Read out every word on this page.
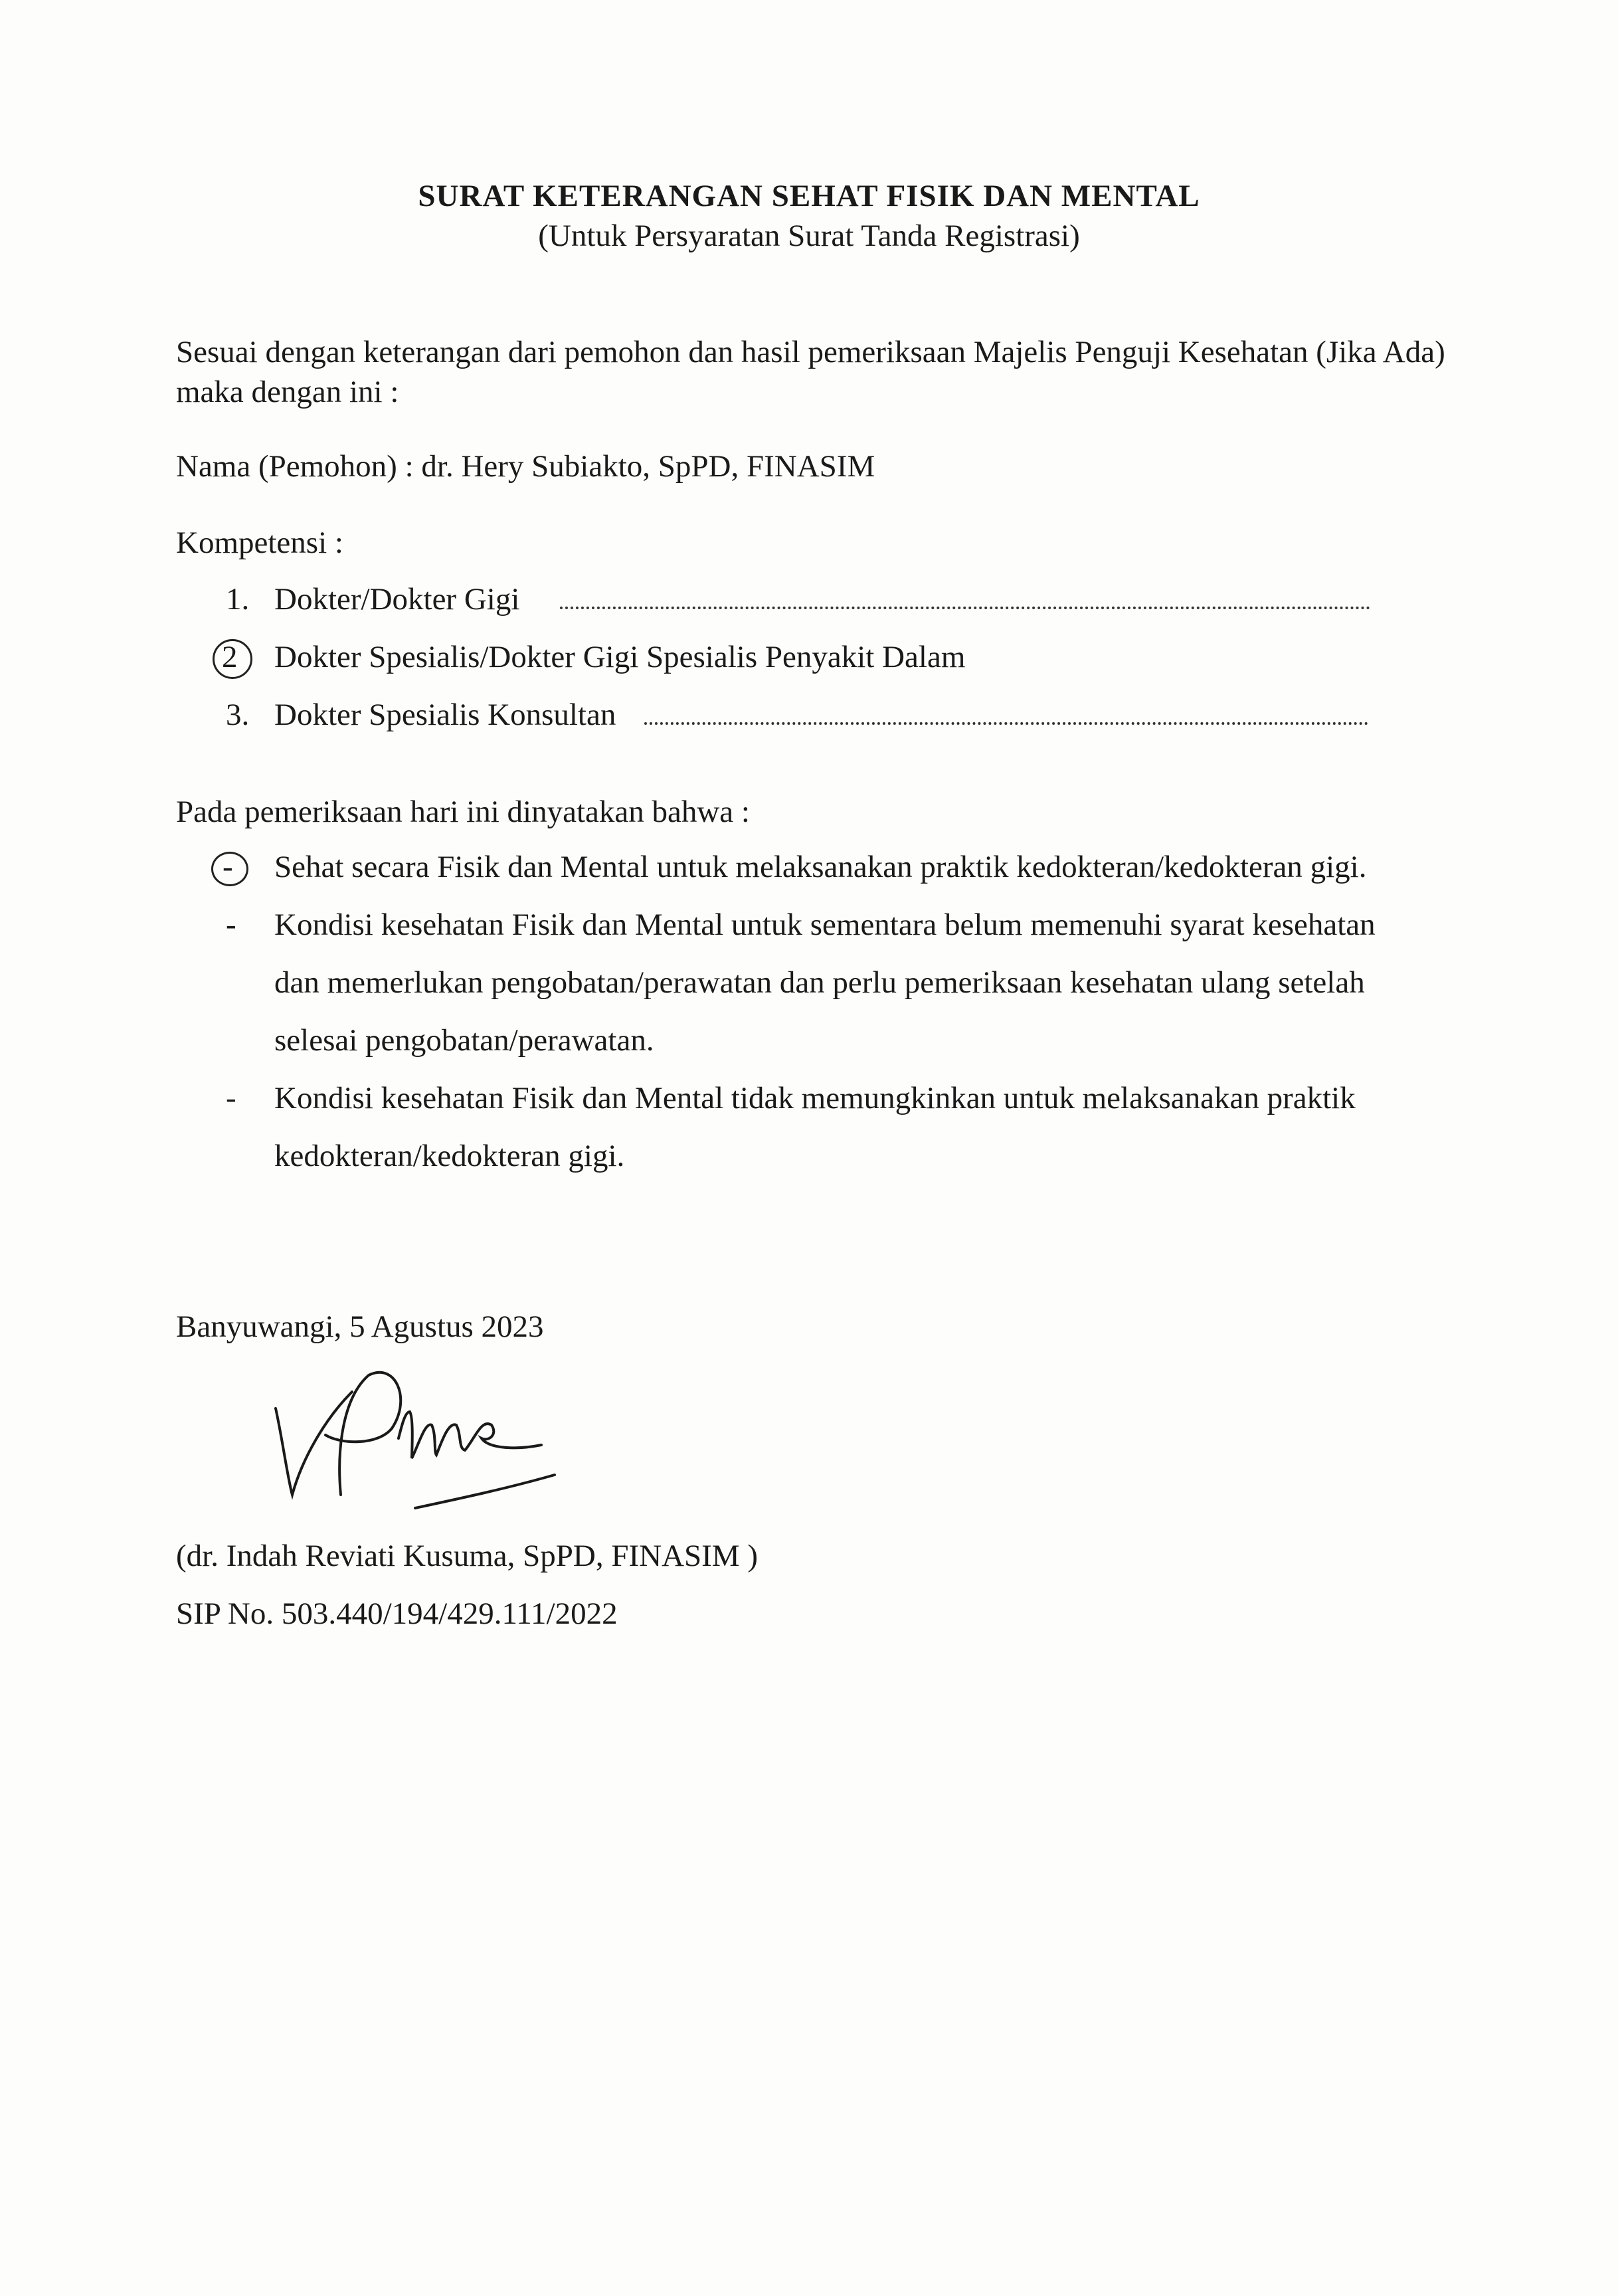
SURAT KETERANGAN SEHAT FISIK DAN MENTAL
(Untuk Persyaratan Surat Tanda Registrasi)
Sesuai dengan keterangan dari pemohon dan hasil pemeriksaan Majelis Penguji Kesehatan (Jika Ada) maka dengan ini :
Nama (Pemohon) : dr. Hery Subiakto, SpPD, FINASIM
Kompetensi :
1. Dokter/Dokter Gigi
2 Dokter Spesialis/Dokter Gigi Spesialis Penyakit Dalam
3. Dokter Spesialis Konsultan
Pada pemeriksaan hari ini dinyatakan bahwa :
- Sehat secara Fisik dan Mental untuk melaksanakan praktik kedokteran/kedokteran gigi.
- Kondisi kesehatan Fisik dan Mental untuk sementara belum memenuhi syarat kesehatan
dan memerlukan pengobatan/perawatan dan perlu pemeriksaan kesehatan ulang setelah
selesai pengobatan/perawatan.
- Kondisi kesehatan Fisik dan Mental tidak memungkinkan untuk melaksanakan praktik
kedokteran/kedokteran gigi.
Banyuwangi, 5 Agustus 2023
(dr. Indah Reviati Kusuma, SpPD, FINASIM )
SIP No. 503.440/194/429.111/2022
